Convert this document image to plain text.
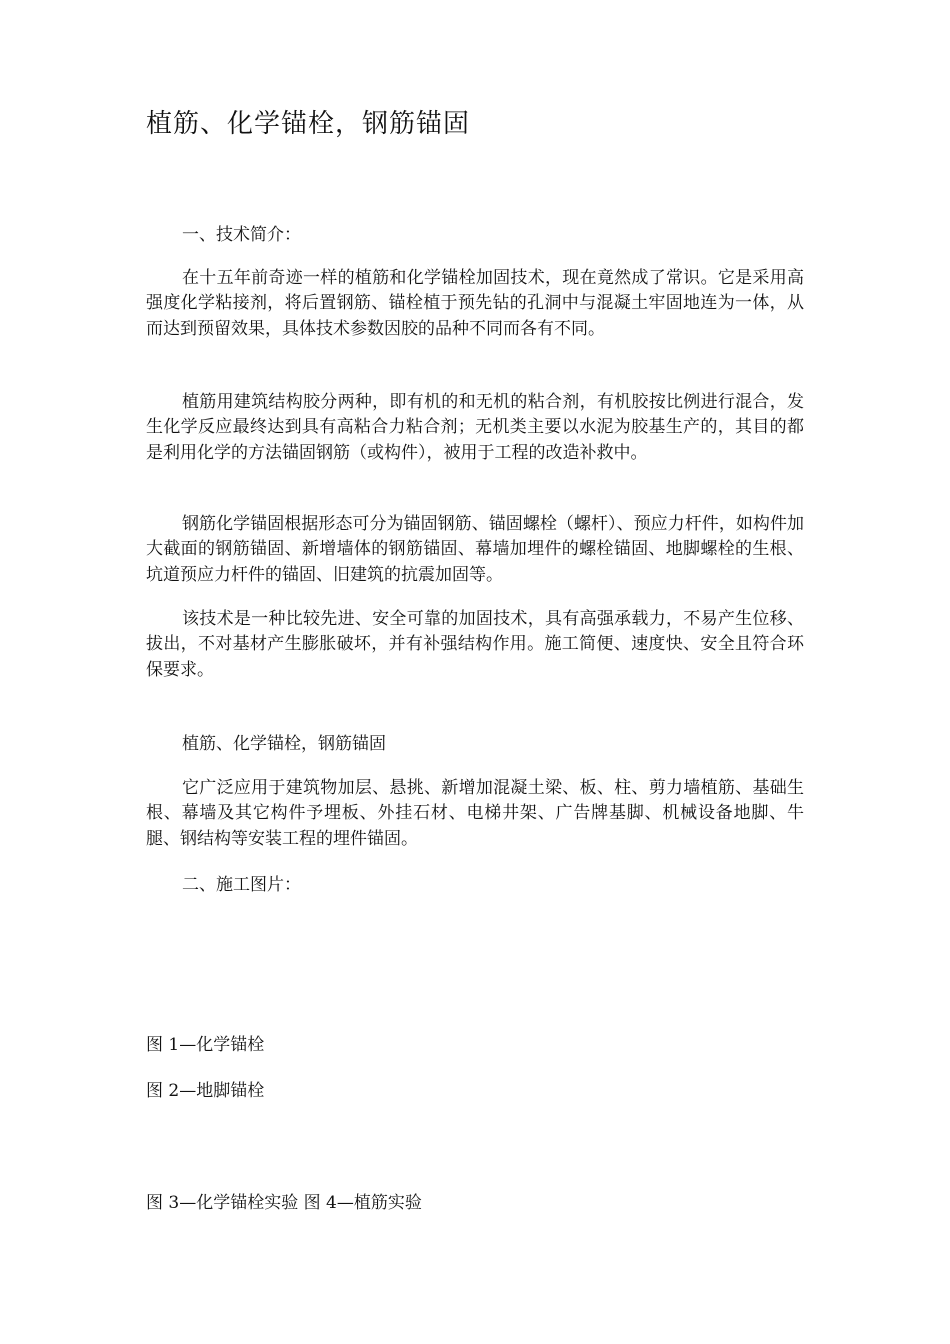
植筋、化学锚栓，钢筋锚固

一、技术简介：

在十五年前奇迹一样的植筋和化学锚栓加固技术，现在竟然成了常识。它是采用高强度化学粘接剂，将后置钢筋、锚栓植于预先钻的孔洞中与混凝土牢固地连为一体，从而达到预留效果，具体技术参数因胶的品种不同而各有不同。

植筋用建筑结构胶分两种，即有机的和无机的粘合剂，有机胶按比例进行混合，发生化学反应最终达到具有高粘合力粘合剂；无机类主要以水泥为胶基生产的，其目的都是利用化学的方法锚固钢筋（或构件），被用于工程的改造补救中。

钢筋化学锚固根据形态可分为锚固钢筋、锚固螺栓（螺杆）、预应力杆件，如构件加大截面的钢筋锚固、新增墙体的钢筋锚固、幕墙加埋件的螺栓锚固、地脚螺栓的生根、坑道预应力杆件的锚固、旧建筑的抗震加固等。

该技术是一种比较先进、安全可靠的加固技术，具有高强承载力，不易产生位移、拔出，不对基材产生膨胀破坏，并有补强结构作用。施工简便、速度快、安全且符合环保要求。

植筋、化学锚栓，钢筋锚固

它广泛应用于建筑物加层、悬挑、新增加混凝土梁、板、柱、剪力墙植筋、基础生根、幕墙及其它构件予埋板、外挂石材、电梯井架、广告牌基脚、机械设备地脚、牛腿、钢结构等安装工程的埋件锚固。

二、施工图片：

图 1—化学锚栓

图 2—地脚锚栓

图 3—化学锚栓实验 图 4—植筋实验
